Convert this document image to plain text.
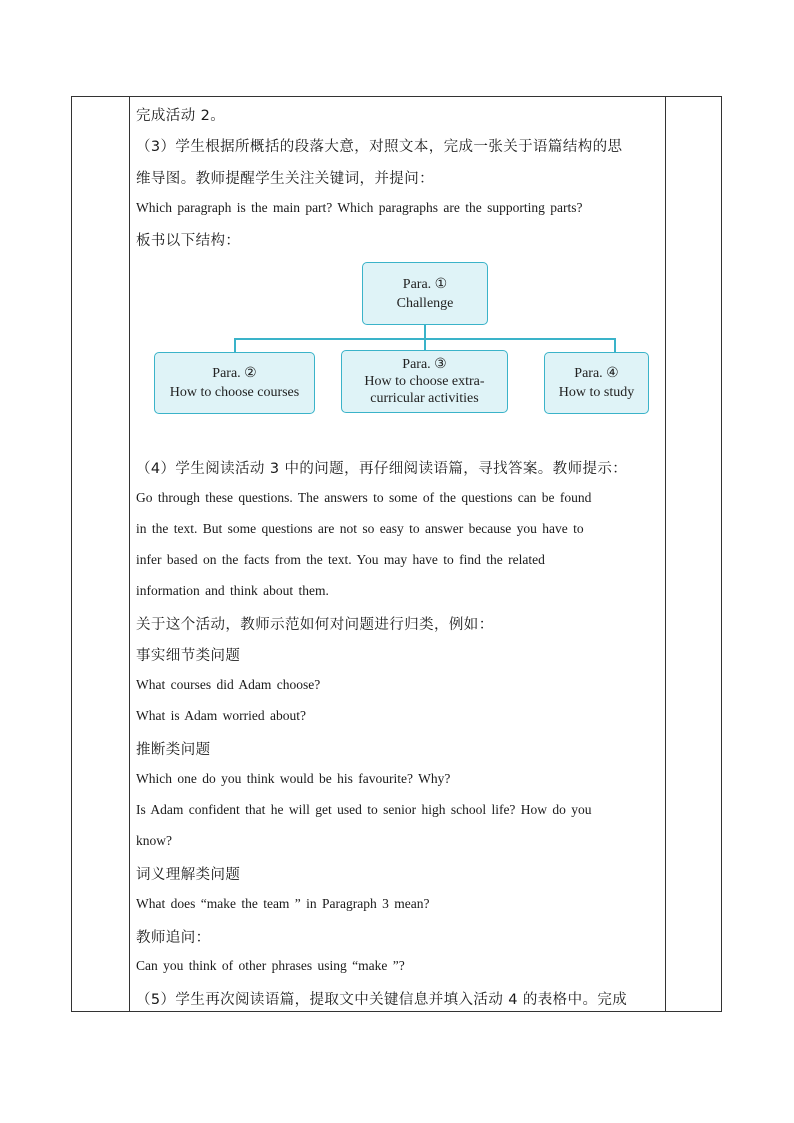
完成活动 2。
（3）学生根据所概括的段落大意，对照文本，完成一张关于语篇结构的思
维导图。教师提醒学生关注关键词，并提问：
Which paragraph is the main part? Which paragraphs are the supporting parts?
板书以下结构：
Para. ①
Challenge
Para. ②
How to choose courses
Para. ③
How to choose extra-
curricular activities
Para. ④
How to study
（4）学生阅读活动 3 中的问题，再仔细阅读语篇，寻找答案。教师提示：
Go through these questions. The answers to some of the questions can be found
in the text. But some questions are not so easy to answer because you have to
infer based on the facts from the text. You may have to find the related
information and think about them.
关于这个活动，教师示范如何对问题进行归类，例如：
事实细节类问题
What courses did Adam choose?
What is Adam worried about?
推断类问题
Which one do you think would be his favourite? Why?
Is Adam confident that he will get used to senior high school life? How do you
know?
词义理解类问题
What does “make the team ” in Paragraph 3 mean?
教师追问：
Can you think of other phrases using “make ”?
（5）学生再次阅读语篇，提取文中关键信息并填入活动 4 的表格中。完成
